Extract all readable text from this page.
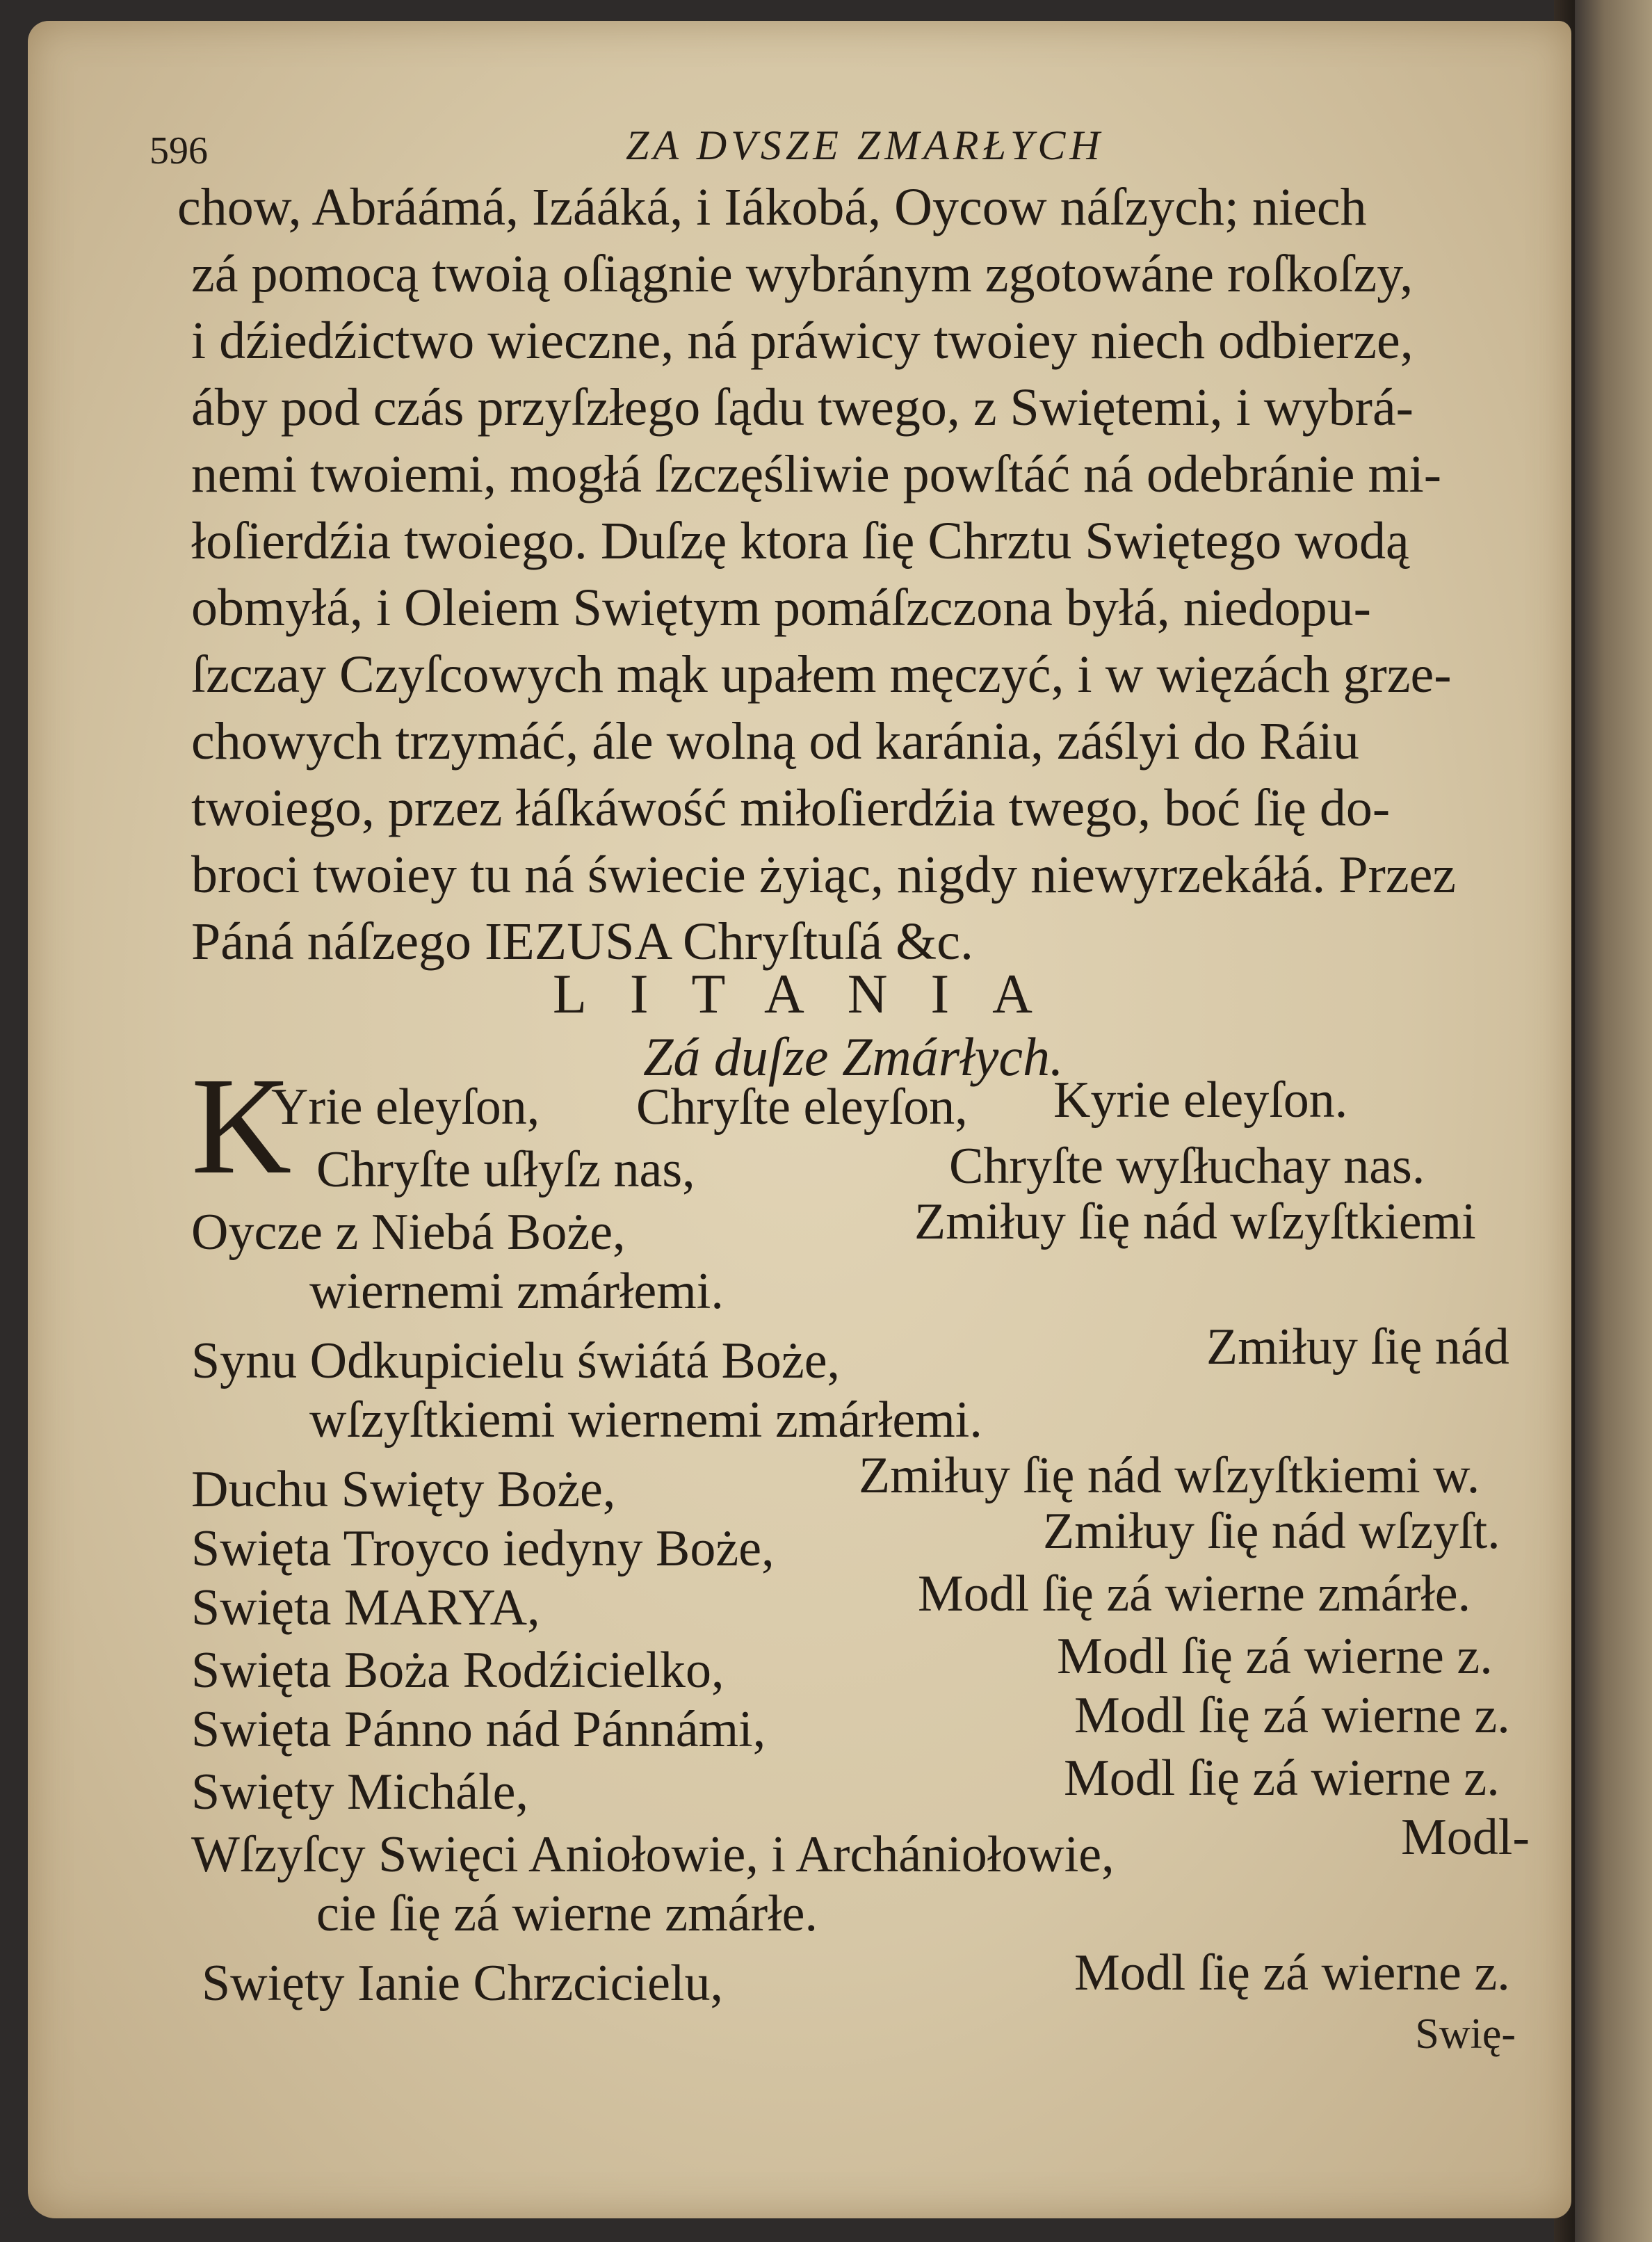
596	ZA DVSZE ZMARŁYCH
chow, Abráámá, Izááká, i Iákobá, Oycow náſzych; niech
zá pomocą twoią oſiągnie wybránym zgotowáne roſkoſzy,
i dźiedźictwo wieczne, ná práwicy twoiey niech odbierze,
áby pod czás przyſzłego ſądu twego, z Swiętemi, i wybrá-
nemi twoiemi, mogłá ſzczęśliwie powſtáć ná odebránie mi-
łoſierdźia twoiego. Duſzę ktora ſię Chrztu Swiętego wodą
obmyłá, i Oleiem Swiętym pomáſzczona byłá, niedopu-
ſzczay Czyſcowych mąk upałem męczyć, i w więzách grze-
chowych trzymáć, ále wolną od karánia, záślyi do Ráiu
twoiego, przez łáſkáwość miłoſierdźia twego, boć ſię do-
broci twoiey tu ná świecie żyiąc, nigdy niewyrzekáłá. Przez
Páná náſzego IEZUSA Chryſtuſá &c.
LITANIA
Zá duſze Zmárłych.
K
Yrie eleyſon, Chryſte eleyſon, Kyrie eleyſon.
Chryſte uſłyſz nas,	Chryſte wyſłuchay nas.
Oycze z Niebá Boże,	Zmiłuy ſię nád wſzyſtkiemi
wiernemi zmárłemi.
Synu Odkupicielu świátá Boże,	Zmiłuy ſię nád
wſzyſtkiemi wiernemi zmárłemi.
Duchu Swięty Boże,	Zmiłuy ſię nád wſzyſtkiemi w.
Swięta Troyco iedyny Boże,	Zmiłuy ſię nád wſzyſt.
Swięta MARYA,	Modl ſię zá wierne zmárłe.
Swięta Boża Rodźicielko,	Modl ſię zá wierne z.
Swięta Pánno nád Pánnámi,	Modl ſię zá wierne z.
Swięty Michále,	Modl ſię zá wierne z.
Wſzyſcy Swięci Aniołowie, i Archániołowie,	Modl-
cie ſię zá wierne zmárłe.
Swięty Ianie Chrzcicielu,	Modl ſię zá wierne z.
Swię-
